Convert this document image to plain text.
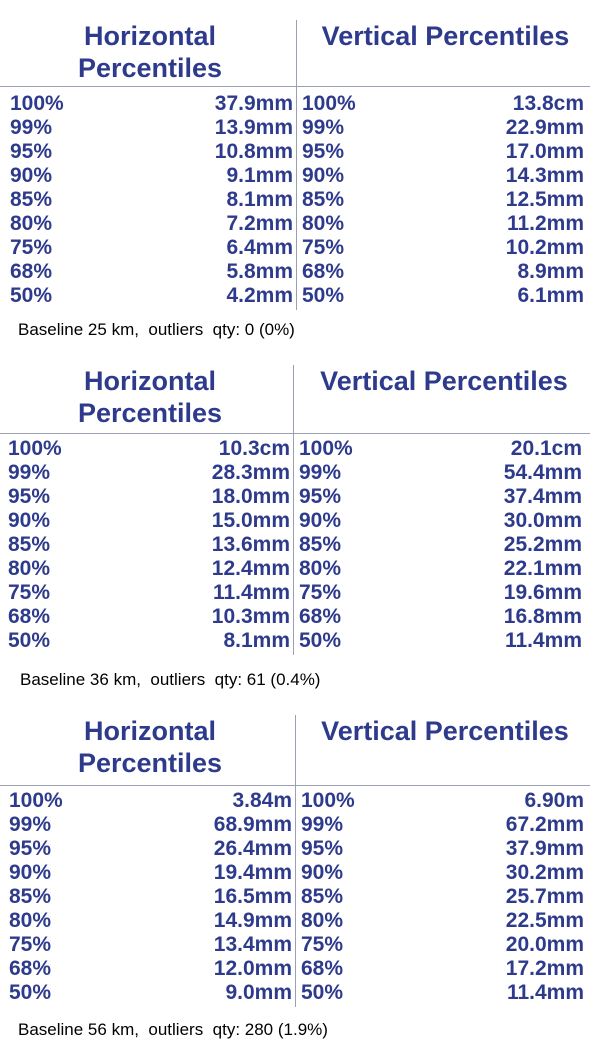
Horizontal Percentiles
Vertical Percentiles
100%	37.9mm
99%	13.9mm
95%	10.8mm
90%	9.1mm
85%	8.1mm
80%	7.2mm
75%	6.4mm
68%	5.8mm
50%	4.2mm
100%	13.8cm
99%	22.9mm
95%	17.0mm
90%	14.3mm
85%	12.5mm
80%	11.2mm
75%	10.2mm
68%	8.9mm
50%	6.1mm
Baseline 25 km,  outliers  qty: 0 (0%)
Horizontal Percentiles
Vertical Percentiles
100%	10.3cm
99%	28.3mm
95%	18.0mm
90%	15.0mm
85%	13.6mm
80%	12.4mm
75%	11.4mm
68%	10.3mm
50%	8.1mm
100%	20.1cm
99%	54.4mm
95%	37.4mm
90%	30.0mm
85%	25.2mm
80%	22.1mm
75%	19.6mm
68%	16.8mm
50%	11.4mm
Baseline 36 km,  outliers  qty: 61 (0.4%)
Horizontal Percentiles
Vertical Percentiles
100%	3.84m
99%	68.9mm
95%	26.4mm
90%	19.4mm
85%	16.5mm
80%	14.9mm
75%	13.4mm
68%	12.0mm
50%	9.0mm
100%	6.90m
99%	67.2mm
95%	37.9mm
90%	30.2mm
85%	25.7mm
80%	22.5mm
75%	20.0mm
68%	17.2mm
50%	11.4mm
Baseline 56 km,  outliers  qty: 280 (1.9%)
